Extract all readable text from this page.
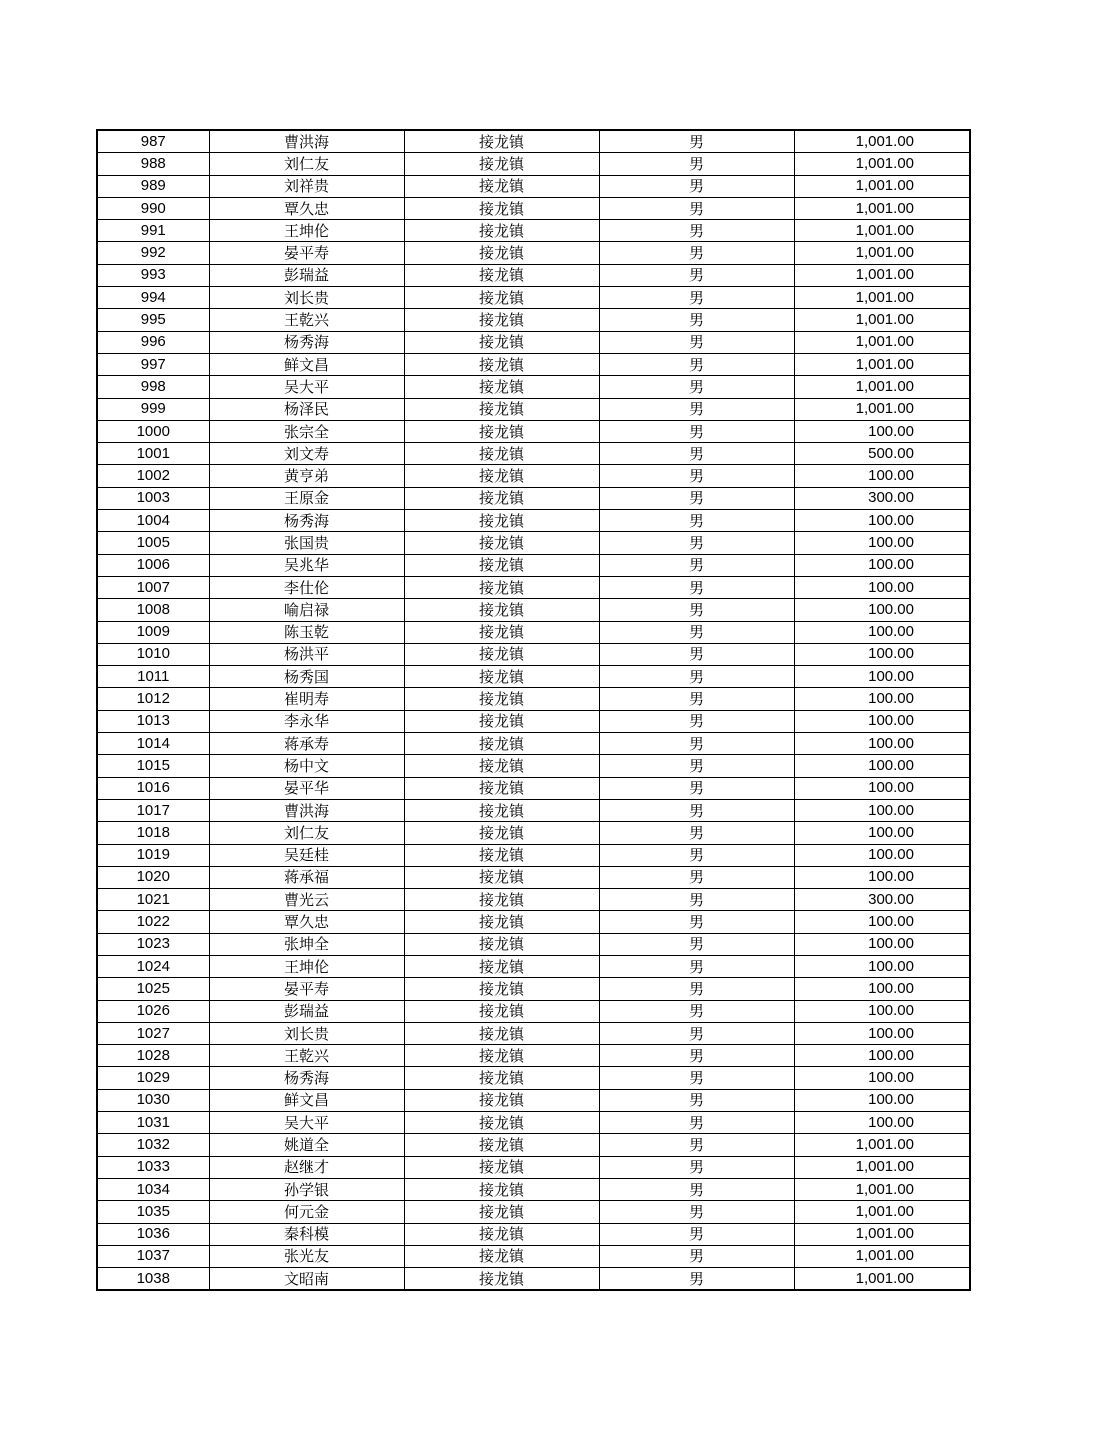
987	曹洪海	接龙镇	男	1,001.00
988	刘仁友	接龙镇	男	1,001.00
989	刘祥贵	接龙镇	男	1,001.00
990	覃久忠	接龙镇	男	1,001.00
991	王坤伦	接龙镇	男	1,001.00
992	晏平寿	接龙镇	男	1,001.00
993	彭瑞益	接龙镇	男	1,001.00
994	刘长贵	接龙镇	男	1,001.00
995	王乾兴	接龙镇	男	1,001.00
996	杨秀海	接龙镇	男	1,001.00
997	鲜文昌	接龙镇	男	1,001.00
998	吴大平	接龙镇	男	1,001.00
999	杨泽民	接龙镇	男	1,001.00
1000	张宗全	接龙镇	男	100.00
1001	刘文寿	接龙镇	男	500.00
1002	黄亨弟	接龙镇	男	100.00
1003	王原金	接龙镇	男	300.00
1004	杨秀海	接龙镇	男	100.00
1005	张国贵	接龙镇	男	100.00
1006	吴兆华	接龙镇	男	100.00
1007	李仕伦	接龙镇	男	100.00
1008	喻启禄	接龙镇	男	100.00
1009	陈玉乾	接龙镇	男	100.00
1010	杨洪平	接龙镇	男	100.00
1011	杨秀国	接龙镇	男	100.00
1012	崔明寿	接龙镇	男	100.00
1013	李永华	接龙镇	男	100.00
1014	蒋承寿	接龙镇	男	100.00
1015	杨中文	接龙镇	男	100.00
1016	晏平华	接龙镇	男	100.00
1017	曹洪海	接龙镇	男	100.00
1018	刘仁友	接龙镇	男	100.00
1019	吴廷桂	接龙镇	男	100.00
1020	蒋承福	接龙镇	男	100.00
1021	曹光云	接龙镇	男	300.00
1022	覃久忠	接龙镇	男	100.00
1023	张坤全	接龙镇	男	100.00
1024	王坤伦	接龙镇	男	100.00
1025	晏平寿	接龙镇	男	100.00
1026	彭瑞益	接龙镇	男	100.00
1027	刘长贵	接龙镇	男	100.00
1028	王乾兴	接龙镇	男	100.00
1029	杨秀海	接龙镇	男	100.00
1030	鲜文昌	接龙镇	男	100.00
1031	吴大平	接龙镇	男	100.00
1032	姚道全	接龙镇	男	1,001.00
1033	赵继才	接龙镇	男	1,001.00
1034	孙学银	接龙镇	男	1,001.00
1035	何元金	接龙镇	男	1,001.00
1036	秦科模	接龙镇	男	1,001.00
1037	张光友	接龙镇	男	1,001.00
1038	文昭南	接龙镇	男	1,001.00
